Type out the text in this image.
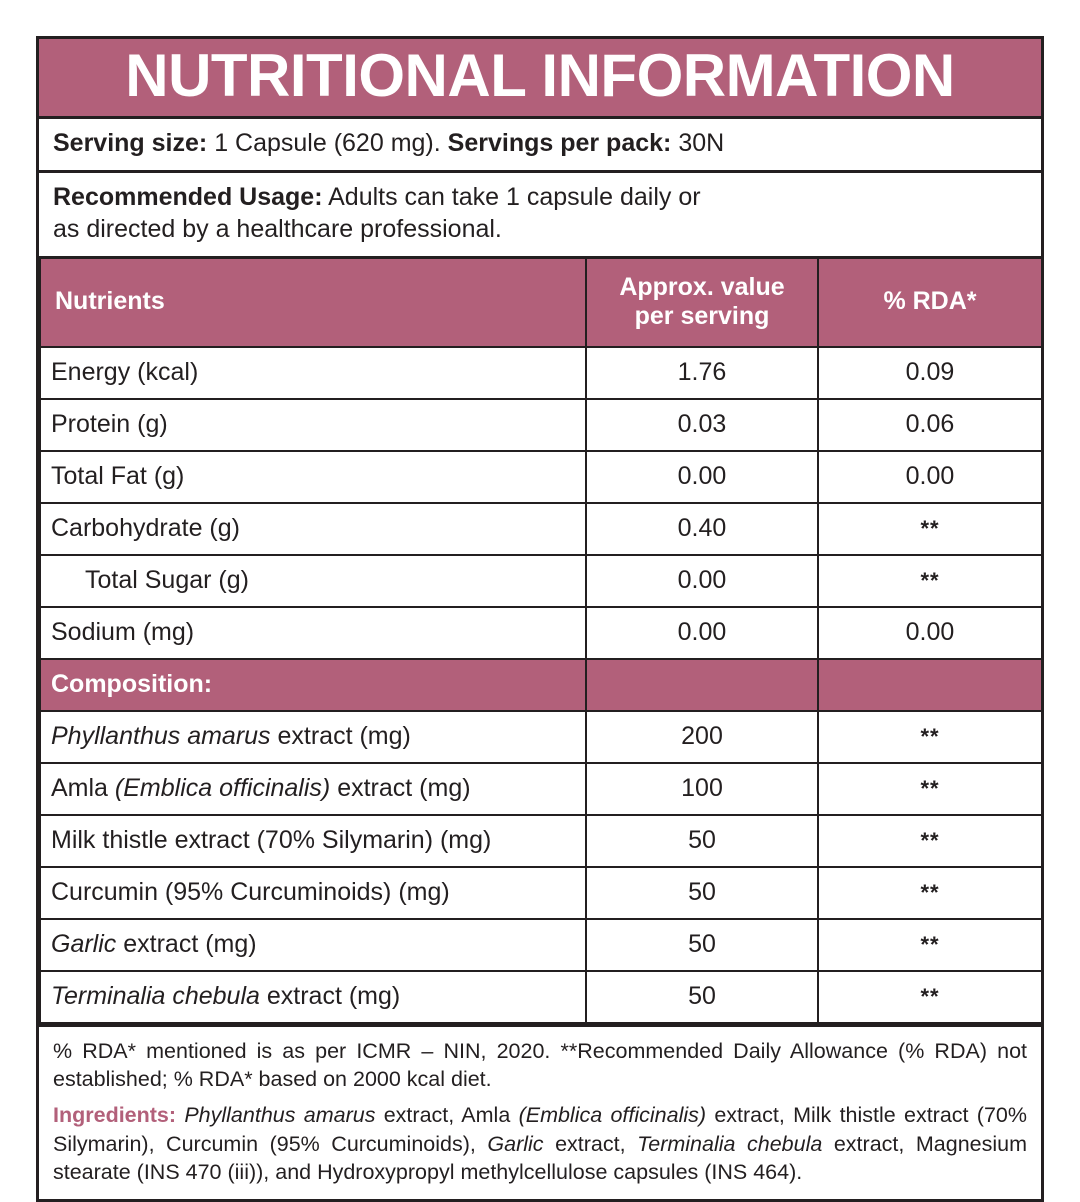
NUTRITIONAL INFORMATION
Serving size: 1 Capsule (620 mg). Servings per pack: 30N
Recommended Usage: Adults can take 1 capsule daily or
as directed by a healthcare professional.
Nutrients	Approx. value per serving	% RDA*
Energy (kcal)	1.76	0.09
Protein (g)	0.03	0.06
Total Fat (g)	0.00	0.00
Carbohydrate (g)	0.40	**
Total Sugar (g)	0.00	**
Sodium (mg)	0.00	0.00
Composition:		
Phyllanthus amarus extract (mg)	200	**
Amla (Emblica officinalis) extract (mg)	100	**
Milk thistle extract (70% Silymarin) (mg)	50	**
Curcumin (95% Curcuminoids) (mg)	50	**
Garlic extract (mg)	50	**
Terminalia chebula extract (mg)	50	**
% RDA* mentioned is as per ICMR – NIN, 2020. **Recommended Daily Allowance (% RDA) not established; % RDA* based on 2000 kcal diet.
Ingredients: Phyllanthus amarus extract, Amla (Emblica officinalis) extract, Milk thistle extract (70% Silymarin), Curcumin (95% Curcuminoids), Garlic extract, Terminalia chebula extract, Magnesium stearate (INS 470 (iii)), and Hydroxypropyl methylcellulose capsules (INS 464).
